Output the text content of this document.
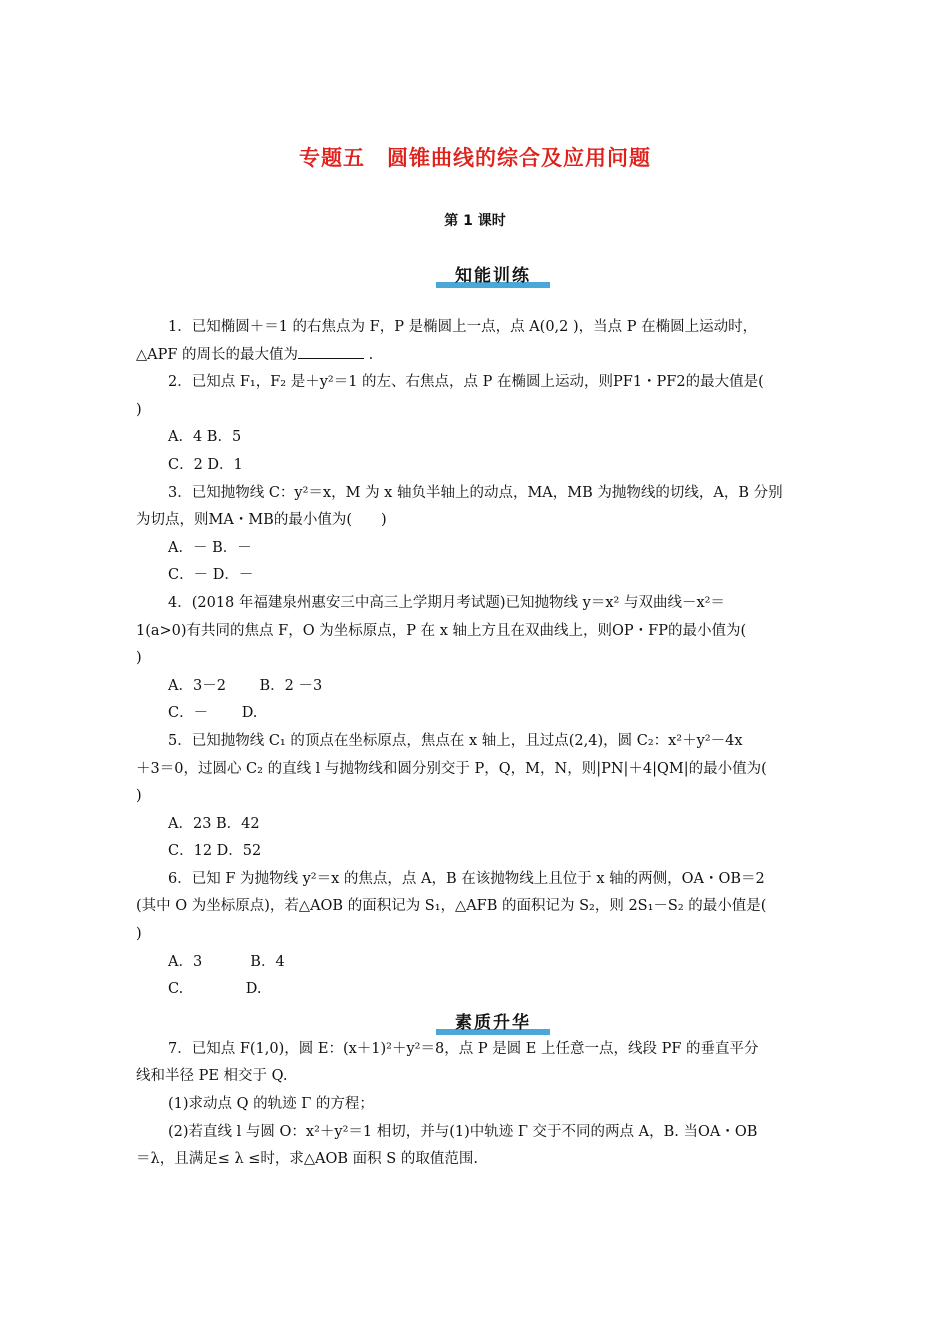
专题五　圆锥曲线的综合及应用问题
第 1 课时
知能训练

1．已知椭圆＋＝1 的右焦点为 F，P 是椭圆上一点，点 A(0,2 )，当点 P 在椭圆上运动时，

△APF 的周长的最大值为	.

2．已知点 F₁，F₂ 是＋y²＝1 的左、右焦点，点 P 在椭圆上运动，则PF1・PF2的最大值是(

)

A．4 B．5

C．2 D．1

3．已知抛物线 C：y²＝x，M 为 x 轴负半轴上的动点，MA，MB 为抛物线的切线，A，B 分别

为切点，则MA・MB的最小值为(　　)

A．－ B．－

C．－ D．－

4．(2018 年福建泉州惠安三中高三上学期月考试题)已知抛物线 y＝x² 与双曲线－x²＝

1(a>0)有共同的焦点 F，O 为坐标原点，P 在 x 轴上方且在双曲线上，则OP・FP的最小值为(

)

A．3－2　　 B．2 －3

C．－　　 D.

5．已知抛物线 C₁ 的顶点在坐标原点，焦点在 x 轴上，且过点(2,4)，圆 C₂：x²＋y²－4x

＋3＝0，过圆心 C₂ 的直线 l 与抛物线和圆分别交于 P，Q，M，N，则|PN|＋4|QM|的最小值为(

)

A．23 B．42

C．12 D．52

6．已知 F 为抛物线 y²＝x 的焦点，点 A，B 在该抛物线上且位于 x 轴的两侧，OA・OB＝2

(其中 O 为坐标原点)，若△AOB 的面积记为 S₁，△AFB 的面积记为 S₂，则 2S₁－S₂ 的最小值是(

)

A．3　　　 B．4

C.　　　　 D.

7．已知点 F(1,0)，圆 E：(x＋1)²＋y²＝8，点 P 是圆 E 上任意一点，线段 PF 的垂直平分

线和半径 PE 相交于 Q.

(1)求动点 Q 的轨迹 Γ 的方程；

(2)若直线 l 与圆 O：x²＋y²＝1 相切，并与(1)中轨迹 Γ 交于不同的两点 A，B. 当OA・OB

＝λ，且满足≤ λ ≤时，求△AOB 面积 S 的取值范围.

素质升华
